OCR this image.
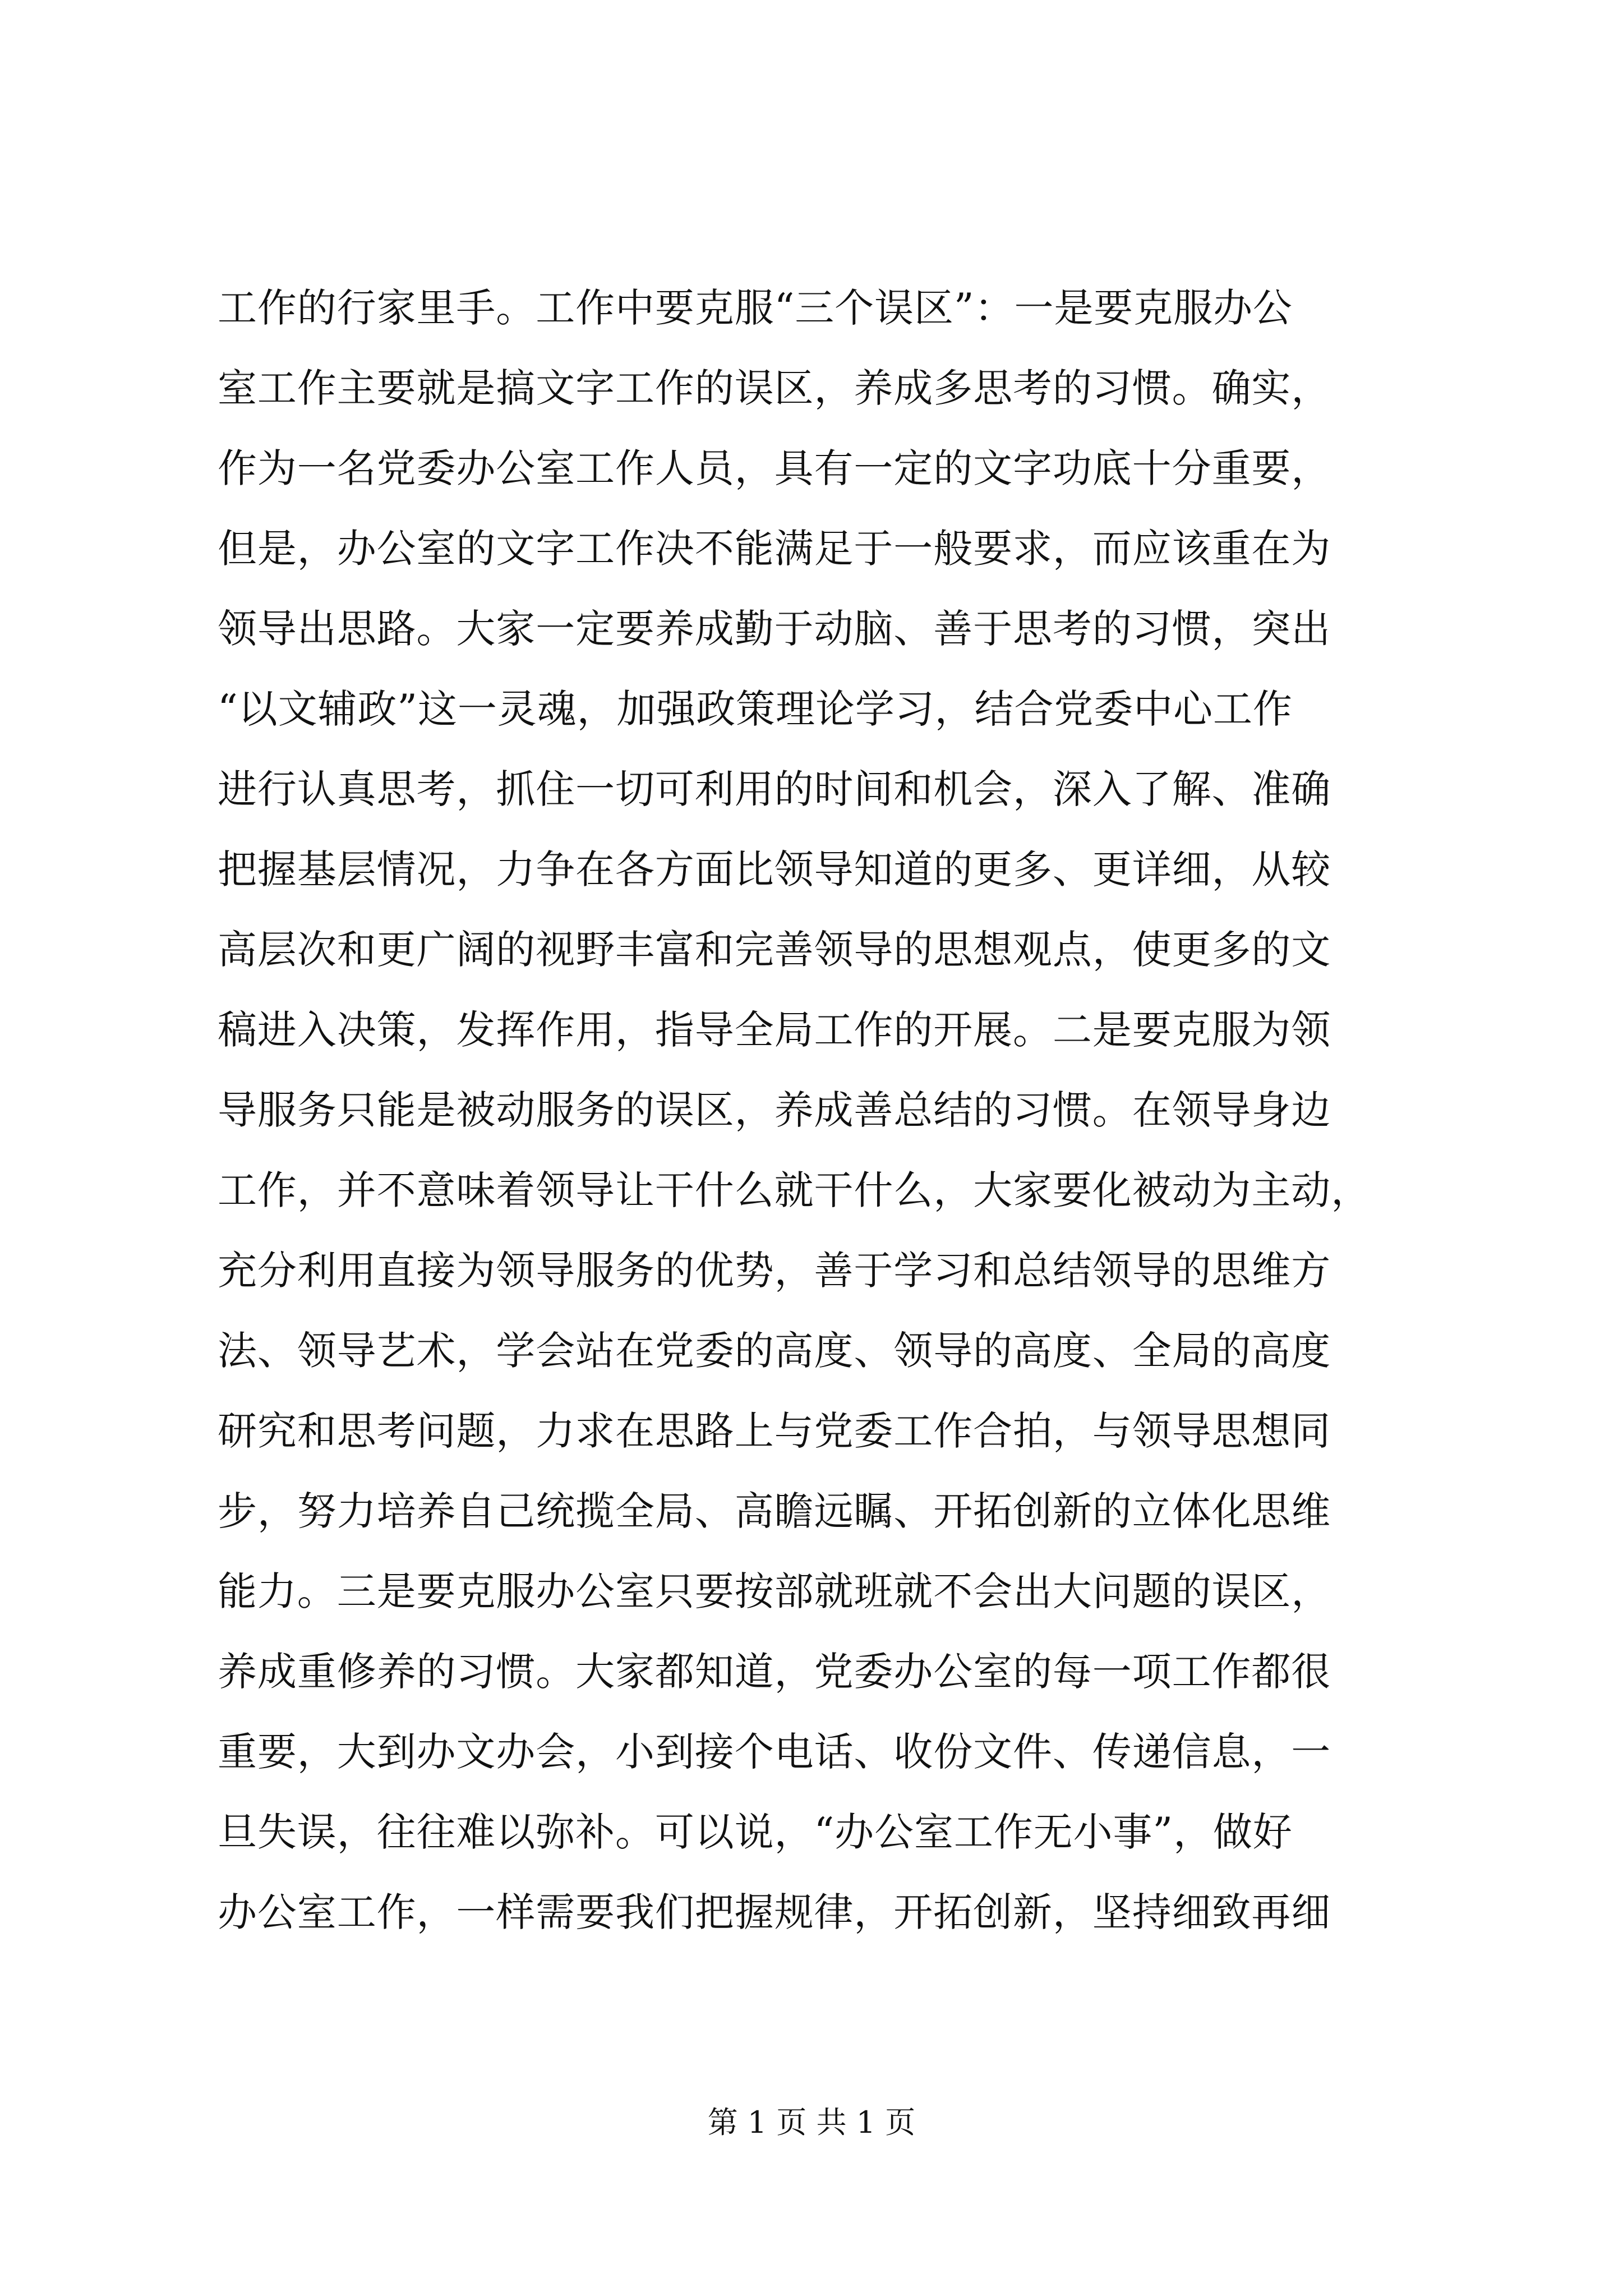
工作的行家里手。工作中要克服“三个误区”：一是要克服办公
室工作主要就是搞文字工作的误区，养成多思考的习惯。确实，
作为一名党委办公室工作人员，具有一定的文字功底十分重要，
但是，办公室的文字工作决不能满足于一般要求，而应该重在为
领导出思路。大家一定要养成勤于动脑、善于思考的习惯，突出
“以文辅政”这一灵魂，加强政策理论学习，结合党委中心工作
进行认真思考，抓住一切可利用的时间和机会，深入了解、准确
把握基层情况，力争在各方面比领导知道的更多、更详细，从较
高层次和更广阔的视野丰富和完善领导的思想观点，使更多的文
稿进入决策，发挥作用，指导全局工作的开展。二是要克服为领
导服务只能是被动服务的误区，养成善总结的习惯。在领导身边
工作，并不意味着领导让干什么就干什么，大家要化被动为主动，
充分利用直接为领导服务的优势，善于学习和总结领导的思维方
法、领导艺术，学会站在党委的高度、领导的高度、全局的高度
研究和思考问题，力求在思路上与党委工作合拍，与领导思想同
步，努力培养自己统揽全局、高瞻远瞩、开拓创新的立体化思维
能力。三是要克服办公室只要按部就班就不会出大问题的误区，
养成重修养的习惯。大家都知道，党委办公室的每一项工作都很
重要，大到办文办会，小到接个电话、收份文件、传递信息，一
旦失误，往往难以弥补。可以说，“办公室工作无小事”，做好
办公室工作，一样需要我们把握规律，开拓创新，坚持细致再细
第 1 页 共 1 页
